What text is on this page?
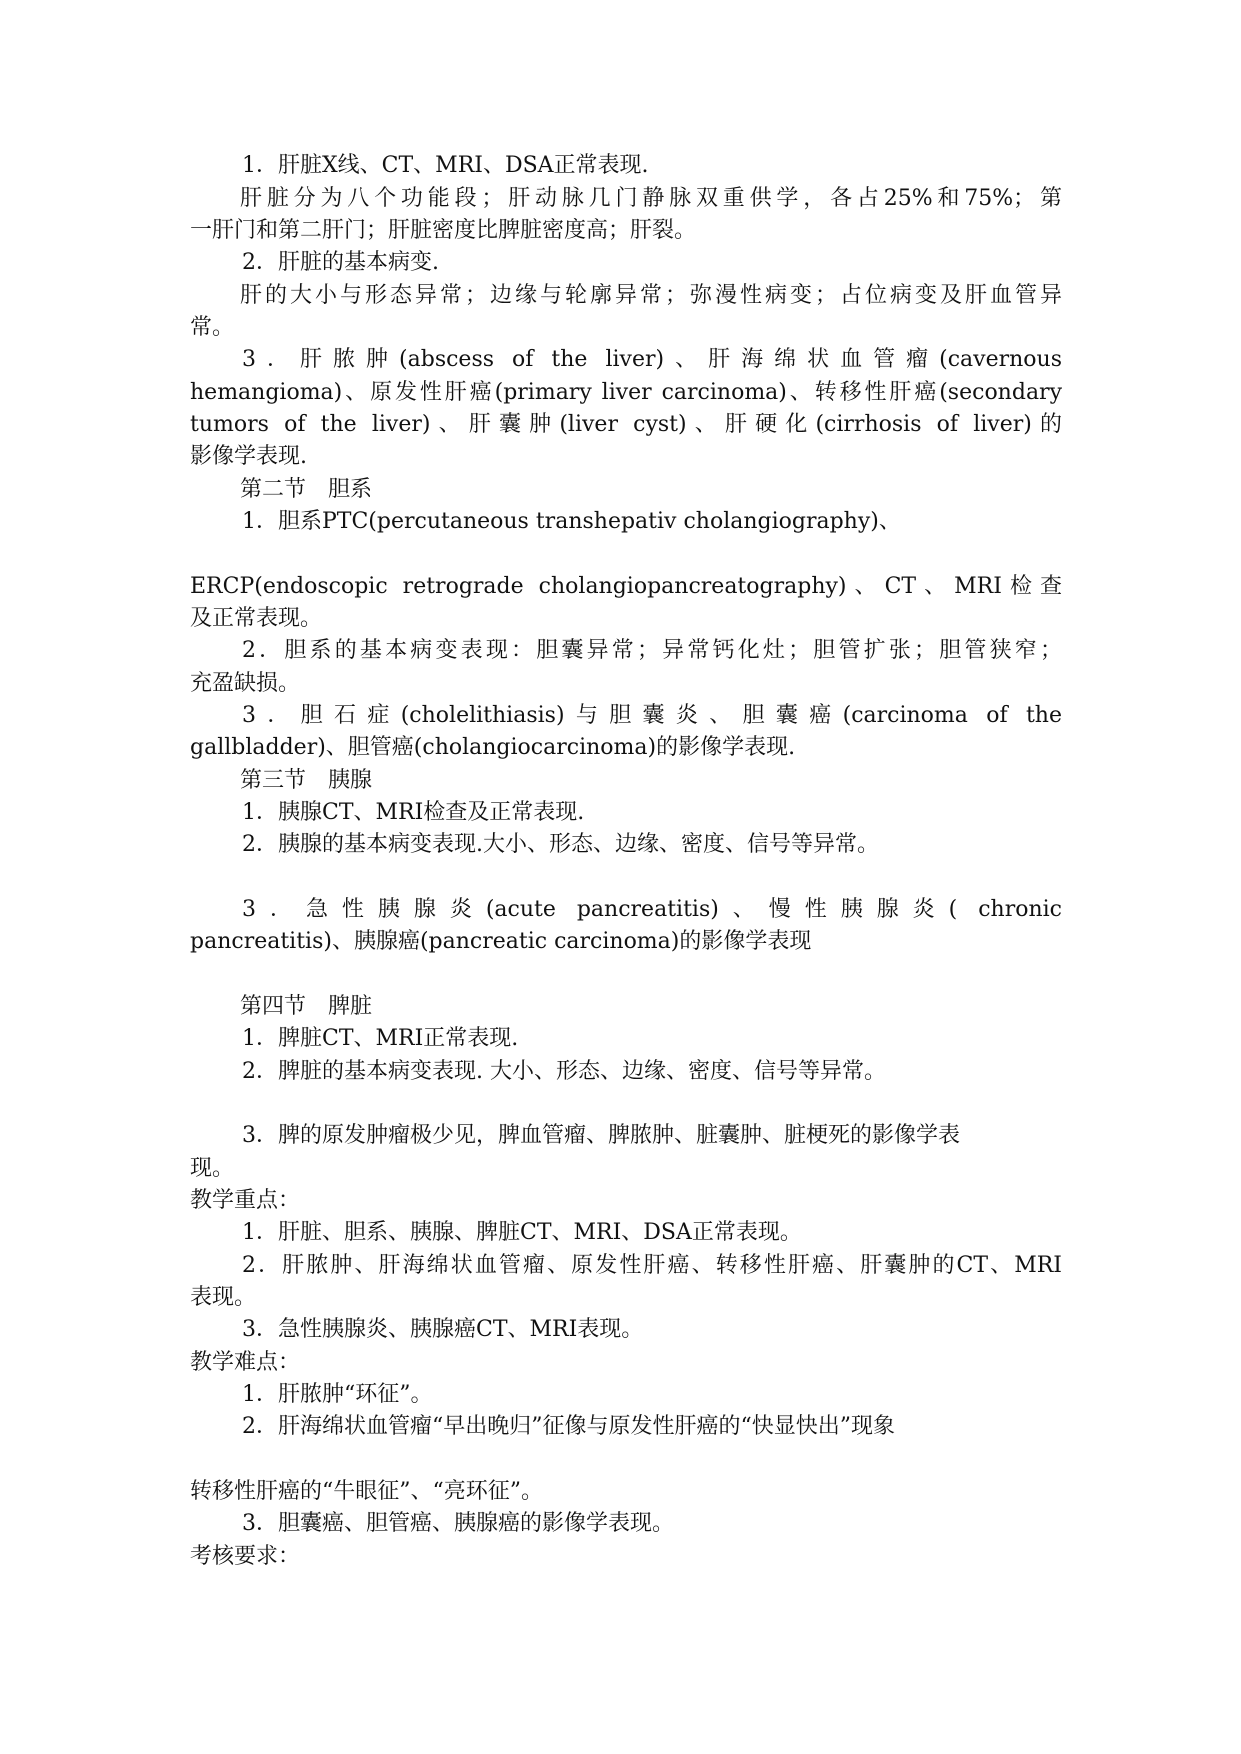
1．肝脏X线、CT、MRI、DSA正常表现.

肝脏分为八个功能段；肝动脉几门静脉双重供学，各占25%和75%；第

一肝门和第二肝门；肝脏密度比脾脏密度高；肝裂。

2．肝脏的基本病变.

肝的大小与形态异常；边缘与轮廓异常；弥漫性病变；占位病变及肝血管异

常。

3．肝脓肿(abscess of the liver)、肝海绵状血管瘤(cavernous

hemangioma)、原发性肝癌(primary liver carcinoma)、转移性肝癌(secondary

tumors of the liver)、肝囊肿(liver cyst)、肝硬化(cirrhosis of liver)的

影像学表现.

第二节　胆系

1．胆系PTC(percutaneous transhepativ cholangiography)、

ERCP(endoscopic retrograde cholangiopancreatography)、CT、MRI检查

及正常表现。

2．胆系的基本病变表现：胆囊异常；异常钙化灶；胆管扩张；胆管狭窄；

充盈缺损。

3．胆石症(cholelithiasis)与胆囊炎、胆囊癌(carcinoma of the

gallbladder)、胆管癌(cholangiocarcinoma)的影像学表现.

第三节　胰腺

1．胰腺CT、MRI检查及正常表现.

2．胰腺的基本病变表现.大小、形态、边缘、密度、信号等异常。

3．急性胰腺炎(acute pancreatitis)、慢性胰腺炎( chronic

pancreatitis)、胰腺癌(pancreatic carcinoma)的影像学表现

第四节　脾脏

1．脾脏CT、MRI正常表现.

2．脾脏的基本病变表现. 大小、形态、边缘、密度、信号等异常。

3．脾的原发肿瘤极少见，脾血管瘤、脾脓肿、脏囊肿、脏梗死的影像学表

现。

教学重点：

1．肝脏、胆系、胰腺、脾脏CT、MRI、DSA正常表现。

2．肝脓肿、肝海绵状血管瘤、原发性肝癌、转移性肝癌、肝囊肿的CT、MRI

表现。

3．急性胰腺炎、胰腺癌CT、MRI表现。

教学难点：

1．肝脓肿“环征”。

2．肝海绵状血管瘤“早出晚归”征像与原发性肝癌的“快显快出”现象

转移性肝癌的“牛眼征”、“亮环征”。

3．胆囊癌、胆管癌、胰腺癌的影像学表现。

考核要求：
